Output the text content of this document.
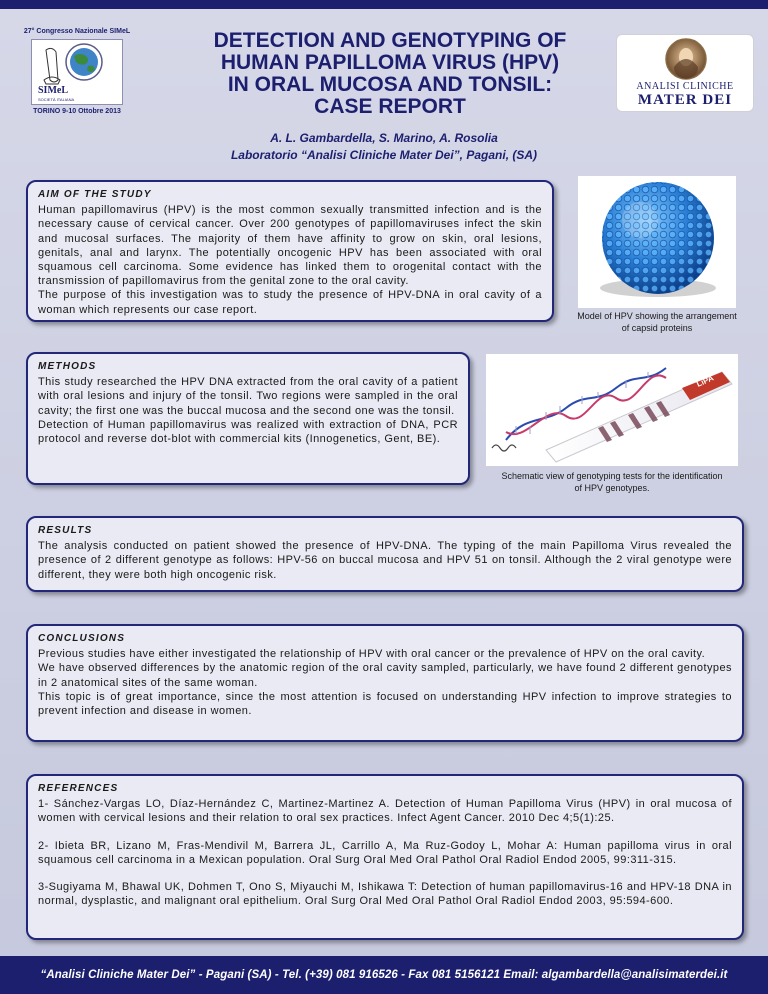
27° Congresso Nazionale SIMeL
SIMeL
SOCIETÀ ITALIANA
TORINO 9-10 Ottobre 2013
DETECTION AND GENOTYPING OF
HUMAN PAPILLOMA VIRUS (HPV)
IN ORAL MUCOSA AND TONSIL:
CASE REPORT
ANALISI CLINICHE
MATER DEI
A. L. Gambardella, S. Marino, A. Rosolia
Laboratorio “Analisi Cliniche Mater Dei”, Pagani, (SA)
AIM OF THE STUDY

Human papillomavirus (HPV) is the most common sexually transmitted infection and is the necessary cause of cervical cancer. Over 200 genotypes of papillomaviruses infect the skin and mucosal surfaces. The majority of them have affinity to grow on skin, oral lesions, genitals, anal and larynx. The potentially oncogenic HPV has been associated with oral squamous cell carcinoma. Some evidence has linked them to orogenital contact with the transmission of papillomavirus from the genital zone to the oral cavity.

The purpose of this investigation was to study the presence of HPV-DNA in oral cavity of a woman which represents our case report.

Model of HPV showing the arrangement of capsid proteins
METHODS

This study researched the HPV DNA extracted from the oral cavity of a patient with oral lesions and injury of the tonsil. Two regions were sampled in the oral cavity; the first one was the buccal mucosa and the second one was the tonsil.

Detection of Human papillomavirus was realized with extraction of DNA, PCR protocol and reverse dot-blot with commercial kits (Innogenetics, Gent, BE).

LiPA
Schematic view of genotyping tests for the identification of HPV genotypes.
RESULTS

The analysis conducted on patient showed the presence of HPV-DNA. The typing of the main Papilloma Virus revealed the presence of 2 different genotype as follows: HPV-56 on buccal mucosa and HPV 51 on tonsil. Although the 2 viral genotype were different, they were both high oncogenic risk.

CONCLUSIONS

Previous studies have either investigated the relationship of HPV with oral cancer or the prevalence of HPV on the oral cavity.

We have observed differences by the anatomic region of the oral cavity sampled, particularly, we have found 2 different genotypes in 2 anatomical sites of the same woman.

This topic is of great importance, since the most attention is focused on understanding HPV infection to improve strategies to prevent infection and disease in women.

REFERENCES

1- Sánchez-Vargas LO, Díaz-Hernández C, Martinez-Martinez A. Detection of Human Papilloma Virus (HPV) in oral mucosa of women with cervical lesions and their relation to oral sex practices. Infect Agent Cancer. 2010 Dec 4;5(1):25.

2- Ibieta BR, Lizano M, Fras-Mendivil M, Barrera JL, Carrillo A, Ma Ruz-Godoy L, Mohar A: Human papilloma virus in oral squamous cell carcinoma in a Mexican population. Oral Surg Oral Med Oral Pathol Oral Radiol Endod 2005, 99:311-315.

3-Sugiyama M, Bhawal UK, Dohmen T, Ono S, Miyauchi M, Ishikawa T: Detection of human papillomavirus-16 and HPV-18 DNA in normal, dysplastic, and malignant oral epithelium. Oral Surg Oral Med Oral Pathol Oral Radiol Endod 2003, 95:594-600.

“Analisi Cliniche Mater Dei” - Pagani (SA) - Tel. (+39) 081 916526 - Fax 081 5156121 Email: algambardella@analisimaterdei.it
